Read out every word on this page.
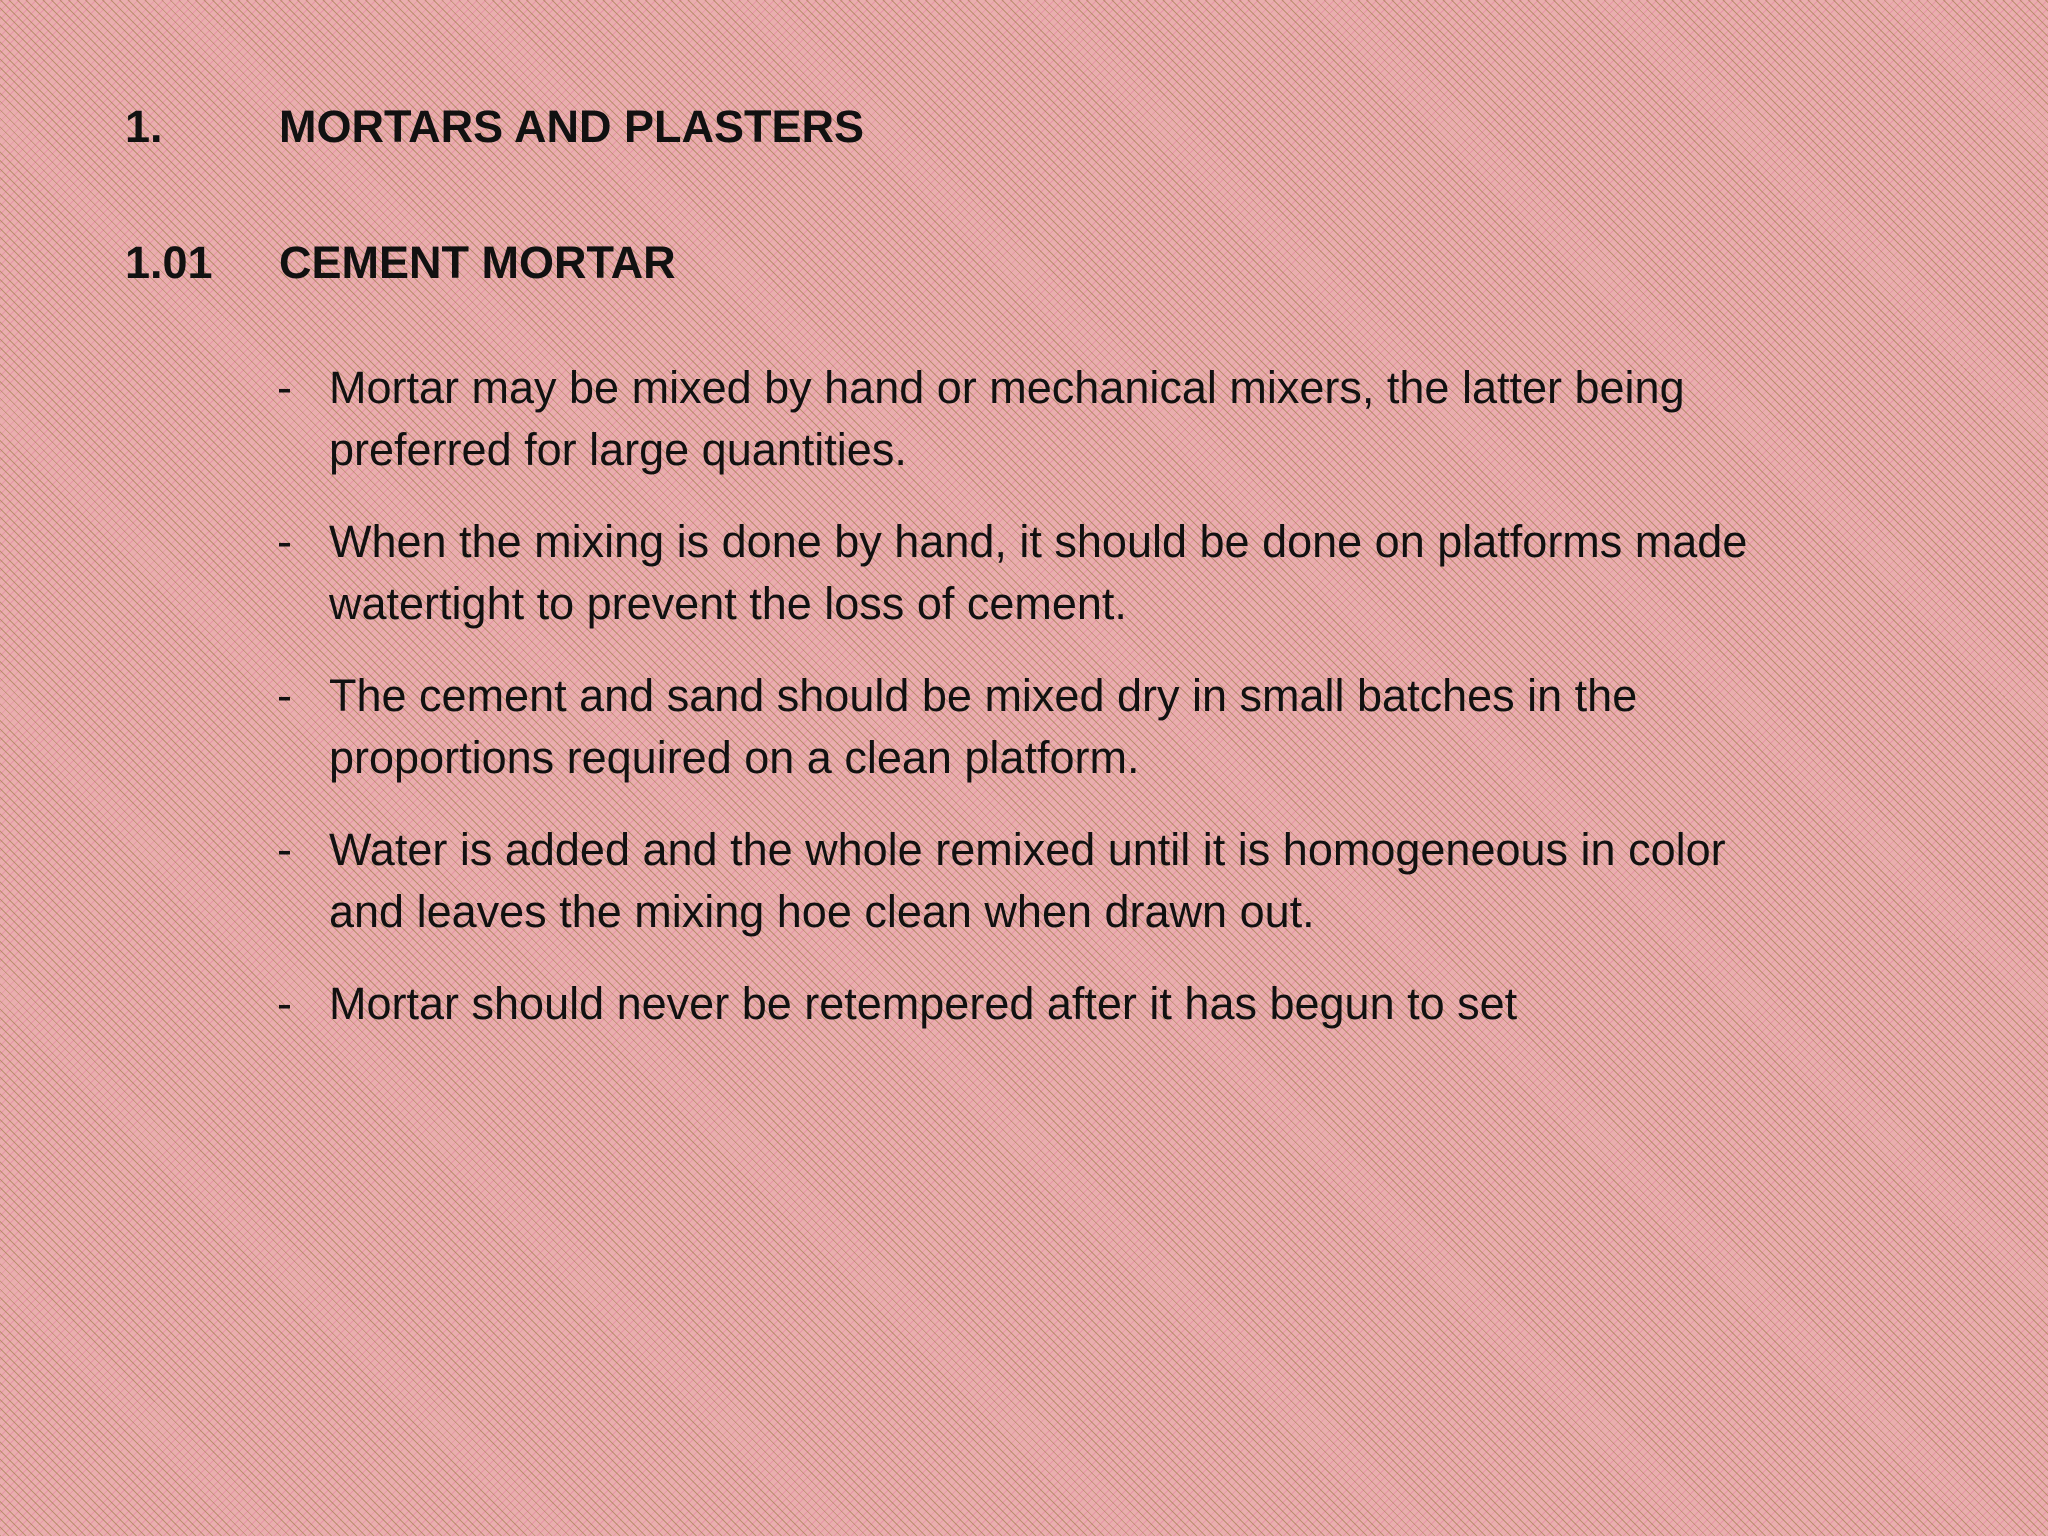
1.	MORTARS AND PLASTERS
1.01 CEMENT MORTAR
- Mortar may be mixed by hand or mechanical mixers, the latter being preferred for large quantities.
- When the mixing is done by hand, it should be done on platforms made watertight to prevent the loss of cement.
- The cement and sand should be mixed dry in small batches in the proportions required on a clean platform.
- Water is added and the whole remixed until it is homogeneous in color and leaves the mixing hoe clean when drawn out.
- Mortar should never be retempered after it has begun to set
